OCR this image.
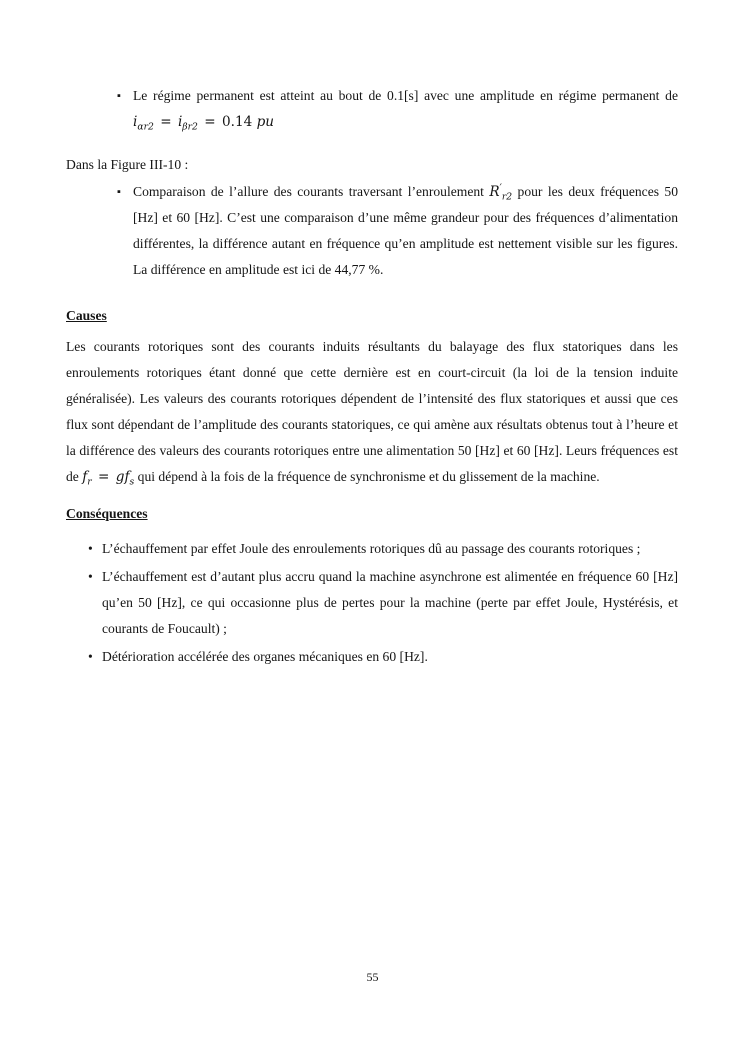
▪ Le régime permanent est atteint au bout de 0.1[s] avec une amplitude en régime permanent de $i_{\alpha r2} = i_{\beta r2} = 0.14$ pu

Dans la Figure III-10 :

▪ Comparaison de l’allure des courants traversant l’enroulement $R'_{r2}$ pour les deux fréquences 50 [Hz] et 60 [Hz]. C’est une comparaison d’une même grandeur pour des fréquences d’alimentation différentes, la différence autant en fréquence qu’en amplitude est nettement visible sur les figures. La différence en amplitude est ici de 44,77 %.
Causes

Les courants rotoriques sont des courants induits résultants du balayage des flux statoriques dans les enroulements rotoriques étant donné que cette dernière est en court-circuit (la loi de la tension induite généralisée). Les valeurs des courants rotoriques dépendent de l’intensité des flux statoriques et aussi que ces flux sont dépendant de l’amplitude des courants statoriques, ce qui amène aux résultats obtenus tout à l’heure et la différence des valeurs des courants rotoriques entre une alimentation 50 [Hz] et 60 [Hz]. Leurs fréquences est de $f_r = gf_s$ qui dépend à la fois de la fréquence de synchronisme et du glissement de la machine.

Conséquences
• L’échauffement par effet Joule des enroulements rotoriques dû au passage des courants rotoriques ;
• L’échauffement est d’autant plus accru quand la machine asynchrone est alimentée en fréquence 60 [Hz] qu’en 50 [Hz], ce qui occasionne plus de pertes pour la machine (perte par effet Joule, Hystérésis, et courants de Foucault) ;
• Détérioration accélérée des organes mécaniques en 60 [Hz].
55
